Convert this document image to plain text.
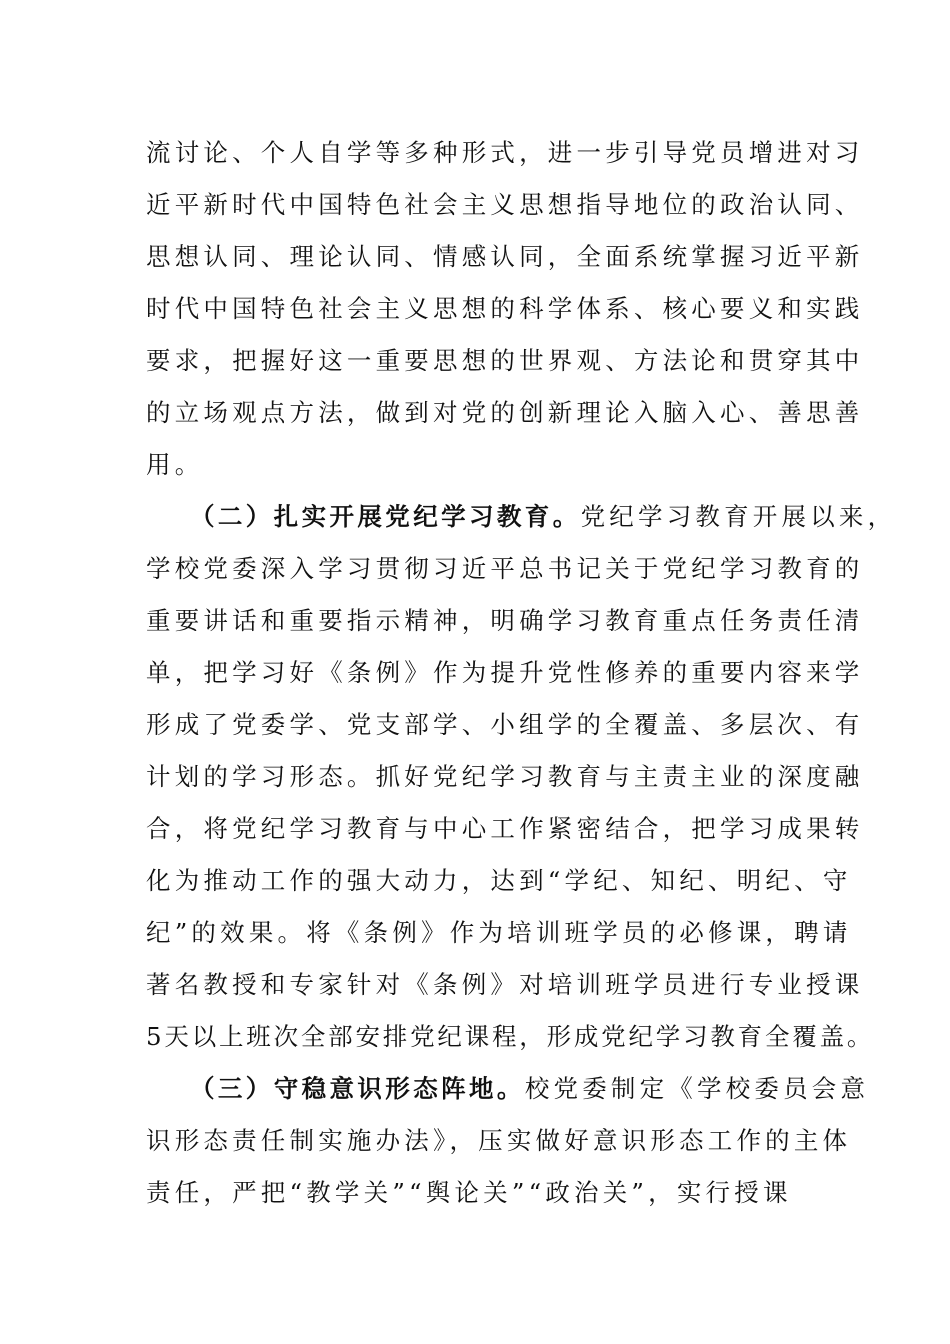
流讨论、个人自学等多种形式，进一步引导党员增进对习
近平新时代中国特色社会主义思想指导地位的政治认同、
思想认同、理论认同、情感认同，全面系统掌握习近平新
时代中国特色社会主义思想的科学体系、核心要义和实践
要求，把握好这一重要思想的世界观、方法论和贯穿其中
的立场观点方法，做到对党的创新理论入脑入心、善思善
用。
（二）扎实开展党纪学习教育。党纪学习教育开展以来，
学校党委深入学习贯彻习近平总书记关于党纪学习教育的
重要讲话和重要指示精神，明确学习教育重点任务责任清
单，把学习好《条例》作为提升党性修养的重要内容来学
形成了党委学、党支部学、小组学的全覆盖、多层次、有
计划的学习形态。抓好党纪学习教育与主责主业的深度融
合，将党纪学习教育与中心工作紧密结合，把学习成果转
化为推动工作的强大动力，达到“学纪、知纪、明纪、守
纪”的效果。将《条例》作为培训班学员的必修课，聘请
著名教授和专家针对《条例》对培训班学员进行专业授课
5天以上班次全部安排党纪课程，形成党纪学习教育全覆盖。
（三）守稳意识形态阵地。校党委制定《学校委员会意
识形态责任制实施办法》，压实做好意识形态工作的主体
责任，严把“教学关”“舆论关”“政治关”，实行授课
